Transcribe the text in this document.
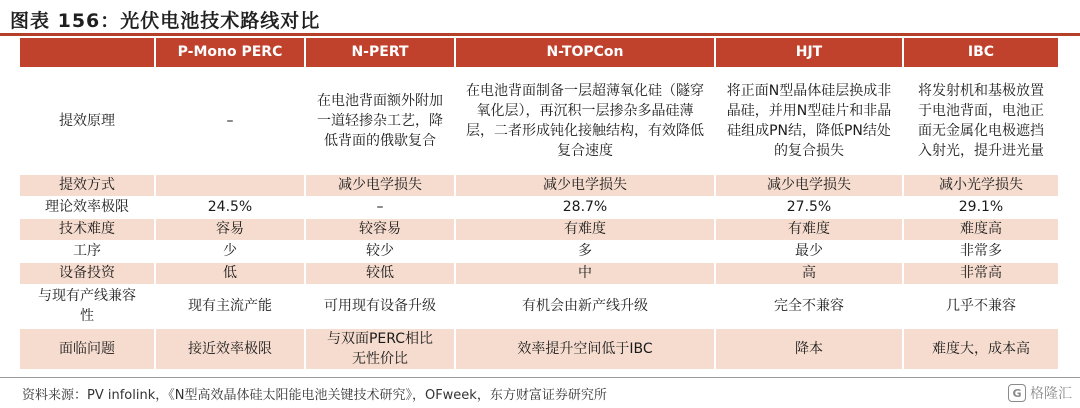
图表 156：光伏电池技术路线对比
	P-Mono PERC	N-PERT	N-TOPCon	HJT	IBC
提效原理	–	在电池背面额外附加一道轻掺杂工艺，降低背面的俄歇复合	在电池背面制备一层超薄氧化硅（隧穿氧化层），再沉积一层掺杂多晶硅薄层，二者形成钝化接触结构，有效降低复合速度	将正面N型晶体硅层换成非晶硅，并用N型硅片和非晶硅组成PN结，降低PN结处的复合损失	将发射机和基极放置于电池背面，电池正面无金属化电极遮挡入射光，提升进光量
提效方式		减少电学损失	减少电学损失	减少电学损失	减小光学损失
理论效率极限	24.5%	–	28.7%	27.5%	29.1%
技术难度	容易	较容易	有难度	有难度	难度高
工序	少	较少	多	最少	非常多
设备投资	低	较低	中	高	非常高
与现有产线兼容性	现有主流产能	可用现有设备升级	有机会由新产线升级	完全不兼容	几乎不兼容
面临问题	接近效率极限	与双面PERC相比无性价比	效率提升空间低于IBC	降本	难度大，成本高
资料来源：PV infolink，《N型高效晶体硅太阳能电池关键技术研究》，OFweek，东方财富证券研究所	G 格隆汇
